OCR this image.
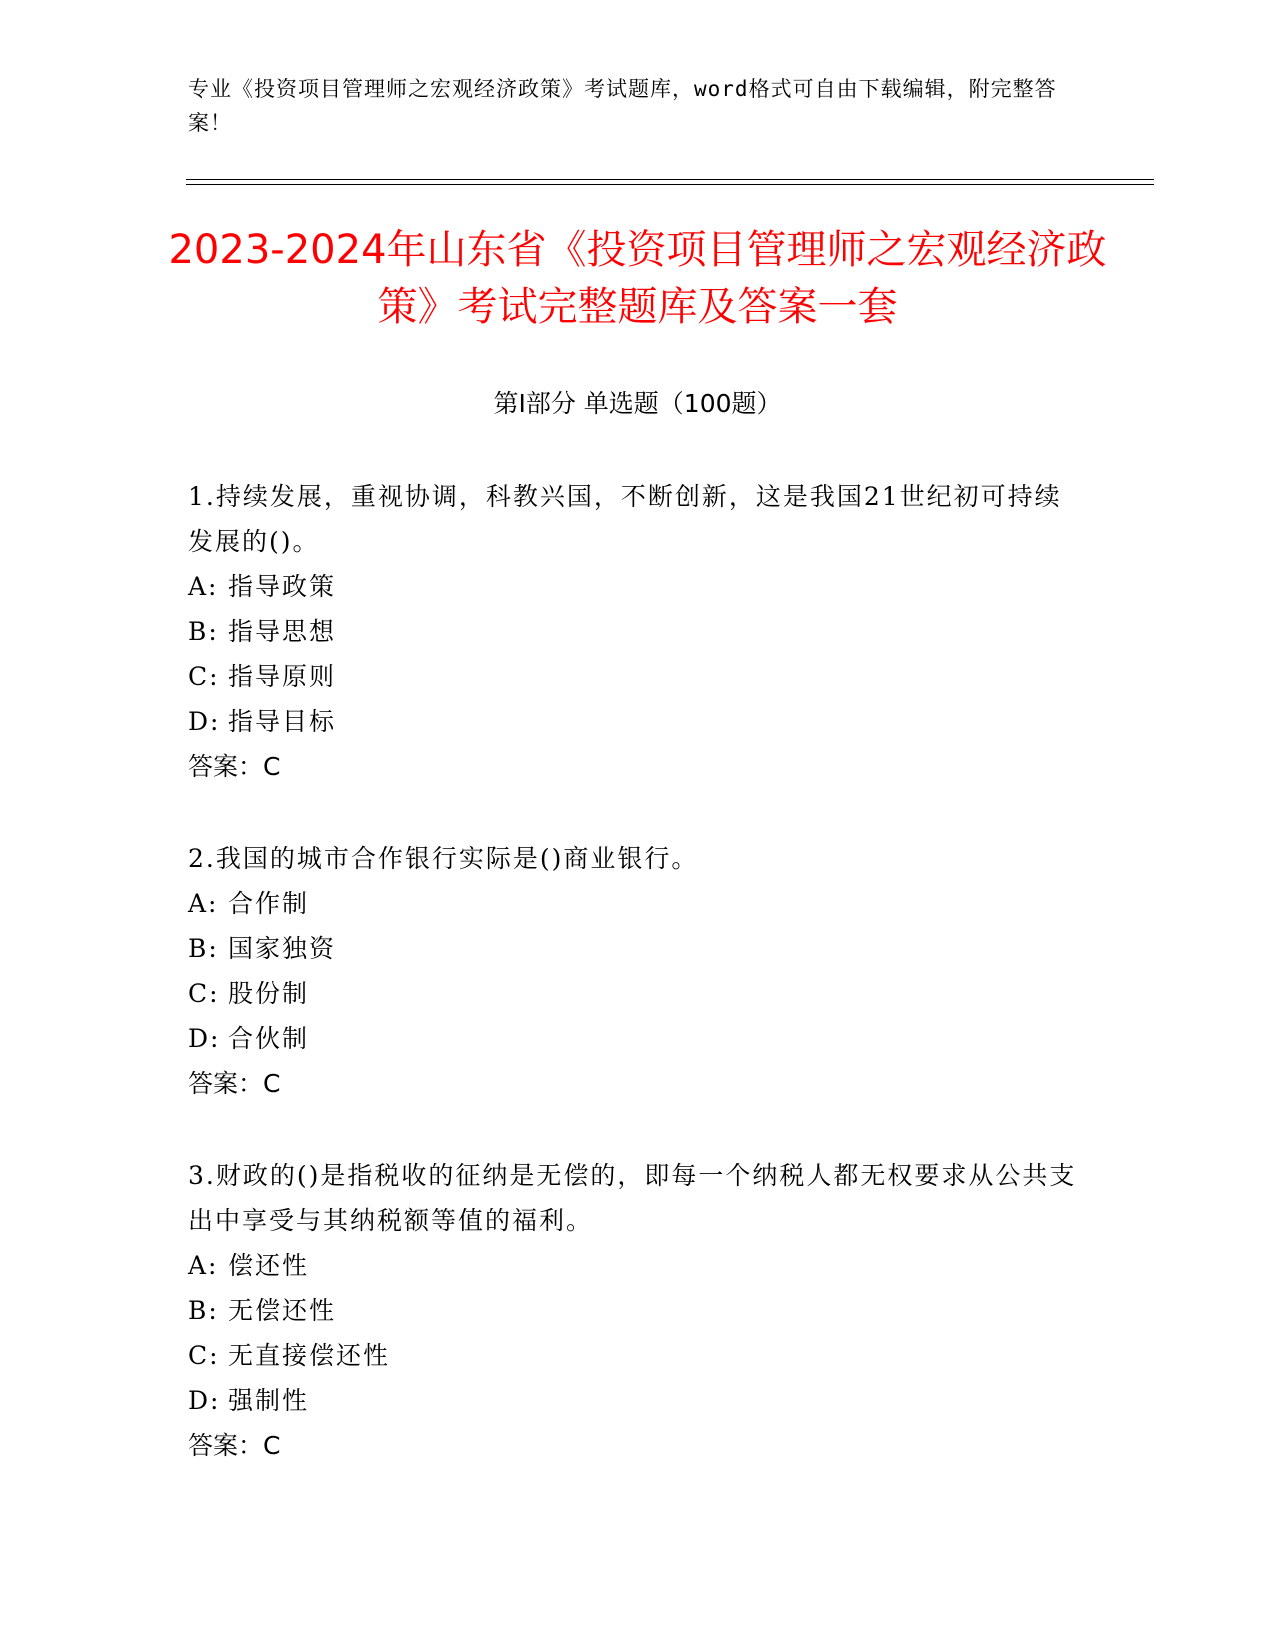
专业《投资项目管理师之宏观经济政策》考试题库，word格式可自由下载编辑，附完整答案！
2023-2024年山东省《投资项目管理师之宏观经济政策》考试完整题库及答案一套
第Ⅰ部分 单选题（100题）
1.持续发展，重视协调，科教兴国，不断创新，这是我国21世纪初可持续发展的()。
A: 指导政策
B: 指导思想
C: 指导原则
D: 指导目标
答案：C
2.我国的城市合作银行实际是()商业银行。
A: 合作制
B: 国家独资
C: 股份制
D: 合伙制
答案：C
3.财政的()是指税收的征纳是无偿的，即每一个纳税人都无权要求从公共支出中享受与其纳税额等值的福利。
A: 偿还性
B: 无偿还性
C: 无直接偿还性
D: 强制性
答案：C
